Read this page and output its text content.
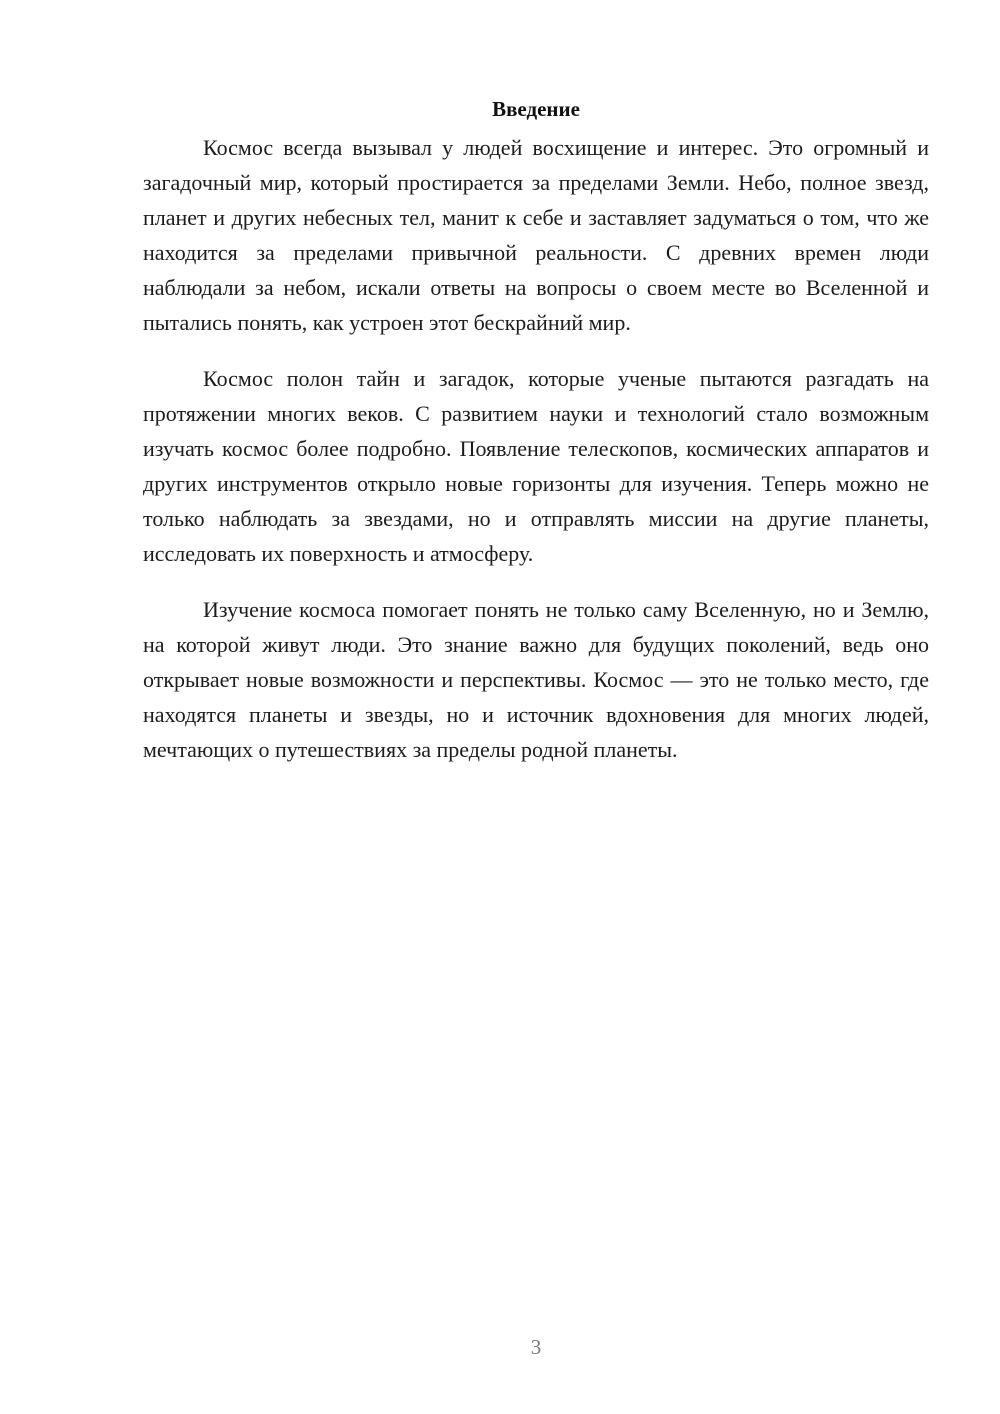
Введение

Космос всегда вызывал у людей восхищение и интерес. Это огромный и загадочный мир, который простирается за пределами Земли. Небо, полное звезд, планет и других небесных тел, манит к себе и заставляет задуматься о том, что же находится за пределами привычной реальности. С древних времен люди наблюдали за небом, искали ответы на вопросы о своем месте во Вселенной и пытались понять, как устроен этот бескрайний мир.

Космос полон тайн и загадок, которые ученые пытаются разгадать на протяжении многих веков. С развитием науки и технологий стало возможным изучать космос более подробно. Появление телескопов, космических аппаратов и других инструментов открыло новые горизонты для изучения. Теперь можно не только наблюдать за звездами, но и отправлять миссии на другие планеты, исследовать их поверхность и атмосферу.

Изучение космоса помогает понять не только саму Вселенную, но и Землю, на которой живут люди. Это знание важно для будущих поколений, ведь оно открывает новые возможности и перспективы. Космос — это не только место, где находятся планеты и звезды, но и источник вдохновения для многих людей, мечтающих о путешествиях за пределы родной планеты.

3
